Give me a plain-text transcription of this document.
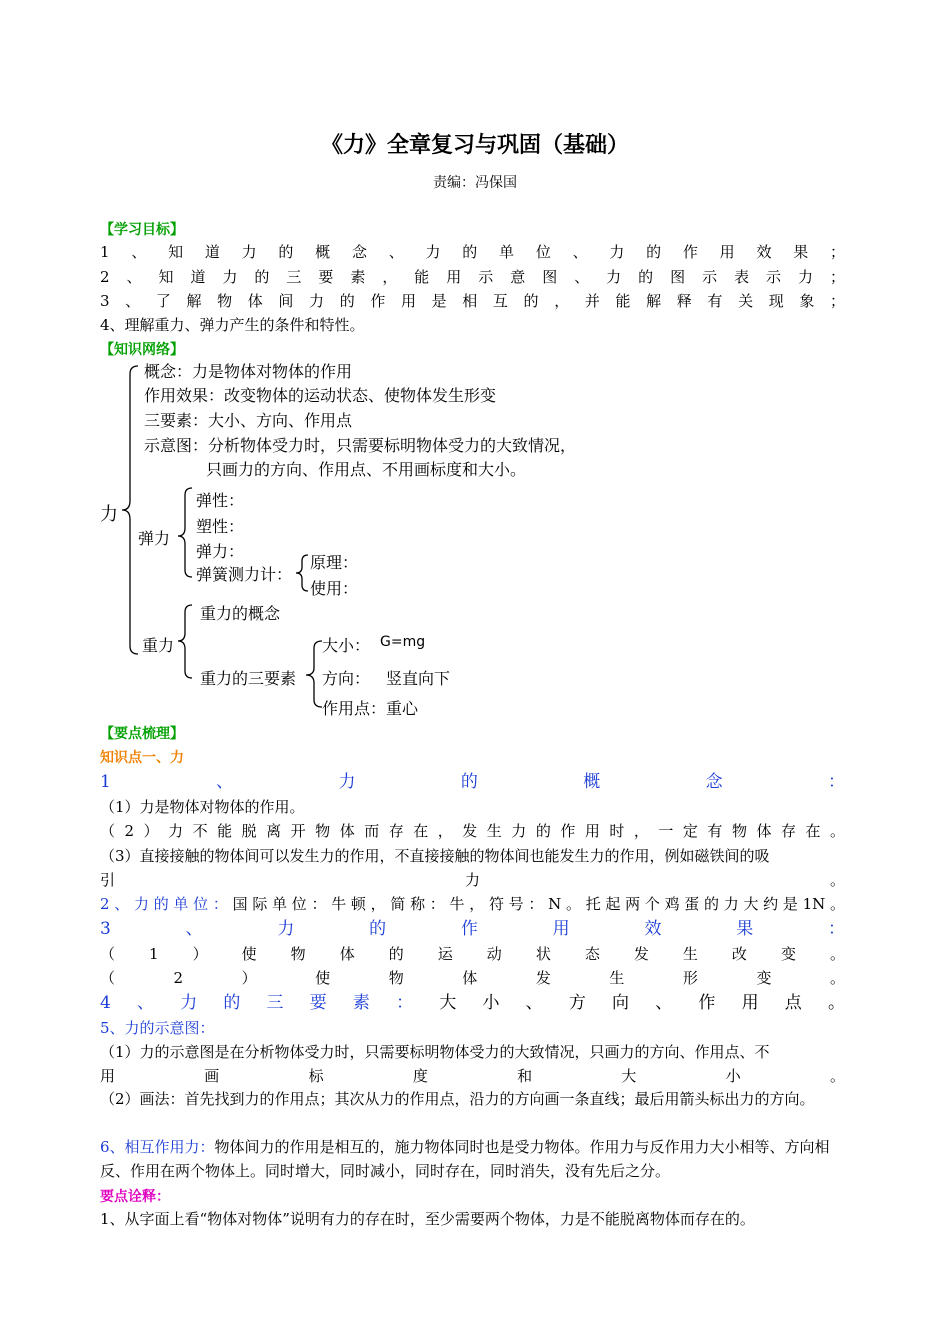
《力》全章复习与巩固（基础）
责编：冯保国
【学习目标】
1、知道力的概念、力的单位、力的作用效果；
2、知道力的三要素，能用示意图、力的图示表示力；
3、了解物体间力的作用是相互的，并能解释有关现象；
4、理解重力、弹力产生的条件和特性。
【知识网络】
力
概念：力是物体对物体的作用
作用效果：改变物体的运动状态、使物体发生形变
三要素：大小、方向、作用点
示意图：分析物体受力时，只需要标明物体受力的大致情况，
只画力的方向、作用点、不用画标度和大小。
弹力
弹性：
塑性：
弹力：
弹簧测力计：
原理：
使用：
重力
重力的概念
重力的三要素
大小： G=mg
方向： 竖直向下
作用点： 重心
【要点梳理】
知识点一、力
1、力的概念：
（1）力是物体对物体的作用。
（2）力不能脱离开物体而存在，发生力的作用时，一定有物体存在。
（3）直接接触的物体间可以发生力的作用，不直接接触的物体间也能发生力的作用，例如磁铁间的吸
引力。
2、力的单位：国际单位：牛顿，简称：牛，符号：N。托起两个鸡蛋的力大约是1N。
3、力的作用效果：
（1）使物体的运动状态发生改变。
（2）使物体发生形变。
4、力的三要素：大小、方向、作用点。
5、力的示意图：
（1）力的示意图是在分析物体受力时，只需要标明物体受力的大致情况，只画力的方向、作用点、不
用画标度和大小。
（2）画法：首先找到力的作用点；其次从力的作用点，沿力的方向画一条直线；最后用箭头标出力的方向。
6、相互作用力：物体间力的作用是相互的，施力物体同时也是受力物体。作用力与反作用力大小相等、方向相反、作用在两个物体上。同时增大，同时减小，同时存在，同时消失，没有先后之分。
要点诠释：
1、从字面上看“物体对物体”说明有力的存在时，至少需要两个物体，力是不能脱离物体而存在的。
